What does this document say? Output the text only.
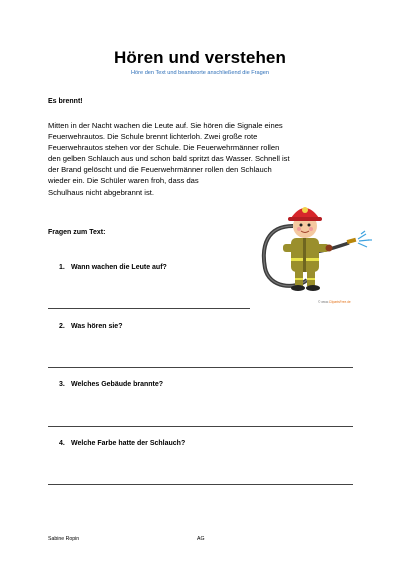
Hören und verstehen
Höre den Text und beantworte anschließend die Fragen
Es brennt!
Mitten in der Nacht wachen die Leute auf. Sie hören die Signale eines
Feuerwehrautos. Die Schule brennt lichterloh. Zwei große rote
Feuerwehrautos stehen vor der Schule. Die Feuerwehrmänner rollen
den gelben Schlauch aus und schon bald spritzt das Wasser. Schnell ist
der Brand gelöscht und die Feuerwehrmänner rollen den Schlauch
wieder ein. Die Schüler waren froh, dass das
Schulhaus nicht abgebrannt ist.
Fragen zum Text:
1. Wann wachen die Leute auf?
2. Was hören sie?
3. Welches Gebäude brannte?
4. Welche Farbe hatte der Schlauch?
© www.ClipartsFree.de
Sabine Ropin	AG
